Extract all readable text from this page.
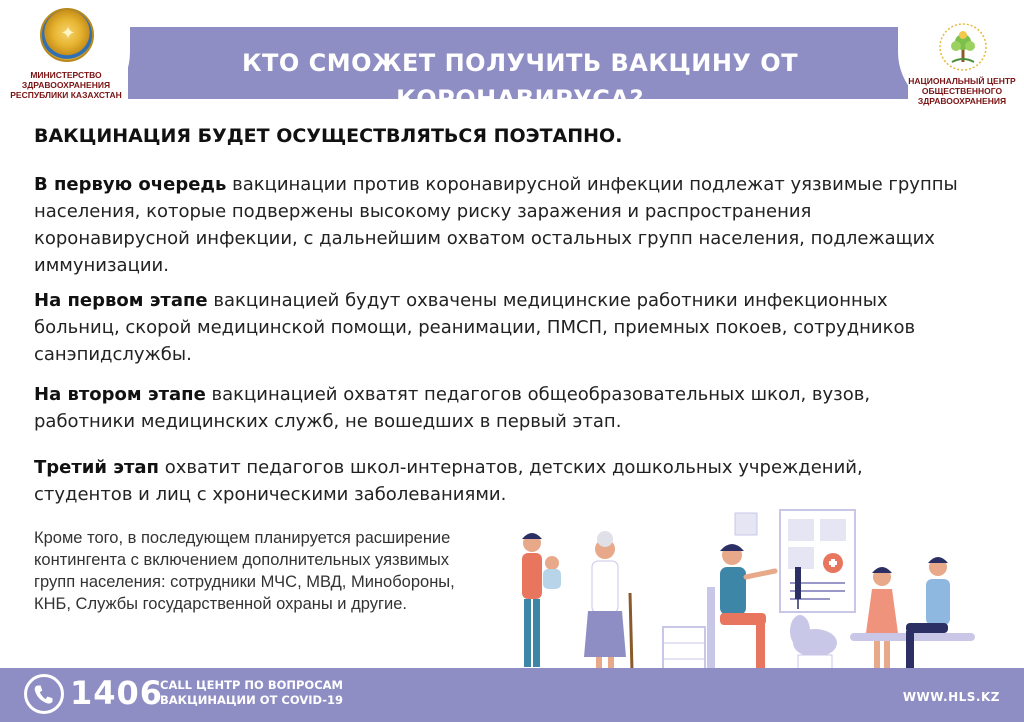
КТО СМОЖЕТ ПОЛУЧИТЬ ВАКЦИНУ ОТ КОРОНАВИРУСА?
✦
МИНИСТЕРСТВО
ЗДРАВООХРАНЕНИЯ
РЕСПУБЛИКИ КАЗАХСТАН
НАЦИОНАЛЬНЫЙ ЦЕНТР
ОБЩЕСТВЕННОГО
ЗДРАВООХРАНЕНИЯ
ВАКЦИНАЦИЯ БУДЕТ ОСУЩЕСТВЛЯТЬСЯ ПОЭТАПНО.
В первую очередь вакцинации против коронавирусной инфекции подлежат уязвимые группы населения, которые подвержены высокому риску заражения и распространения коронавирусной инфекции, с дальнейшим охватом остальных групп населения, подлежащих иммунизации.
На первом этапе вакцинацией будут охвачены медицинские работники инфекционных больниц, скорой медицинской помощи, реанимации, ПМСП, приемных покоев, сотрудников санэпидслужбы.
На втором этапе вакцинацией охватят педагогов общеобразовательных школ, вузов, работники медицинских служб, не вошедших в первый этап.
Третий этап охватит педагогов школ-интернатов, детских дошкольных учреждений, студентов и лиц с хроническими заболеваниями.
Кроме того, в последующем планируется расширение контингента с включением дополнительных уязвимых групп населения: сотрудники МЧС, МВД, Минобороны, КНБ, Службы государственной охраны и другие.
1406
CALL ЦЕНТР ПО ВОПРОСАМ
ВАКЦИНАЦИИ ОТ COVID-19	WWW.HLS.KZ
